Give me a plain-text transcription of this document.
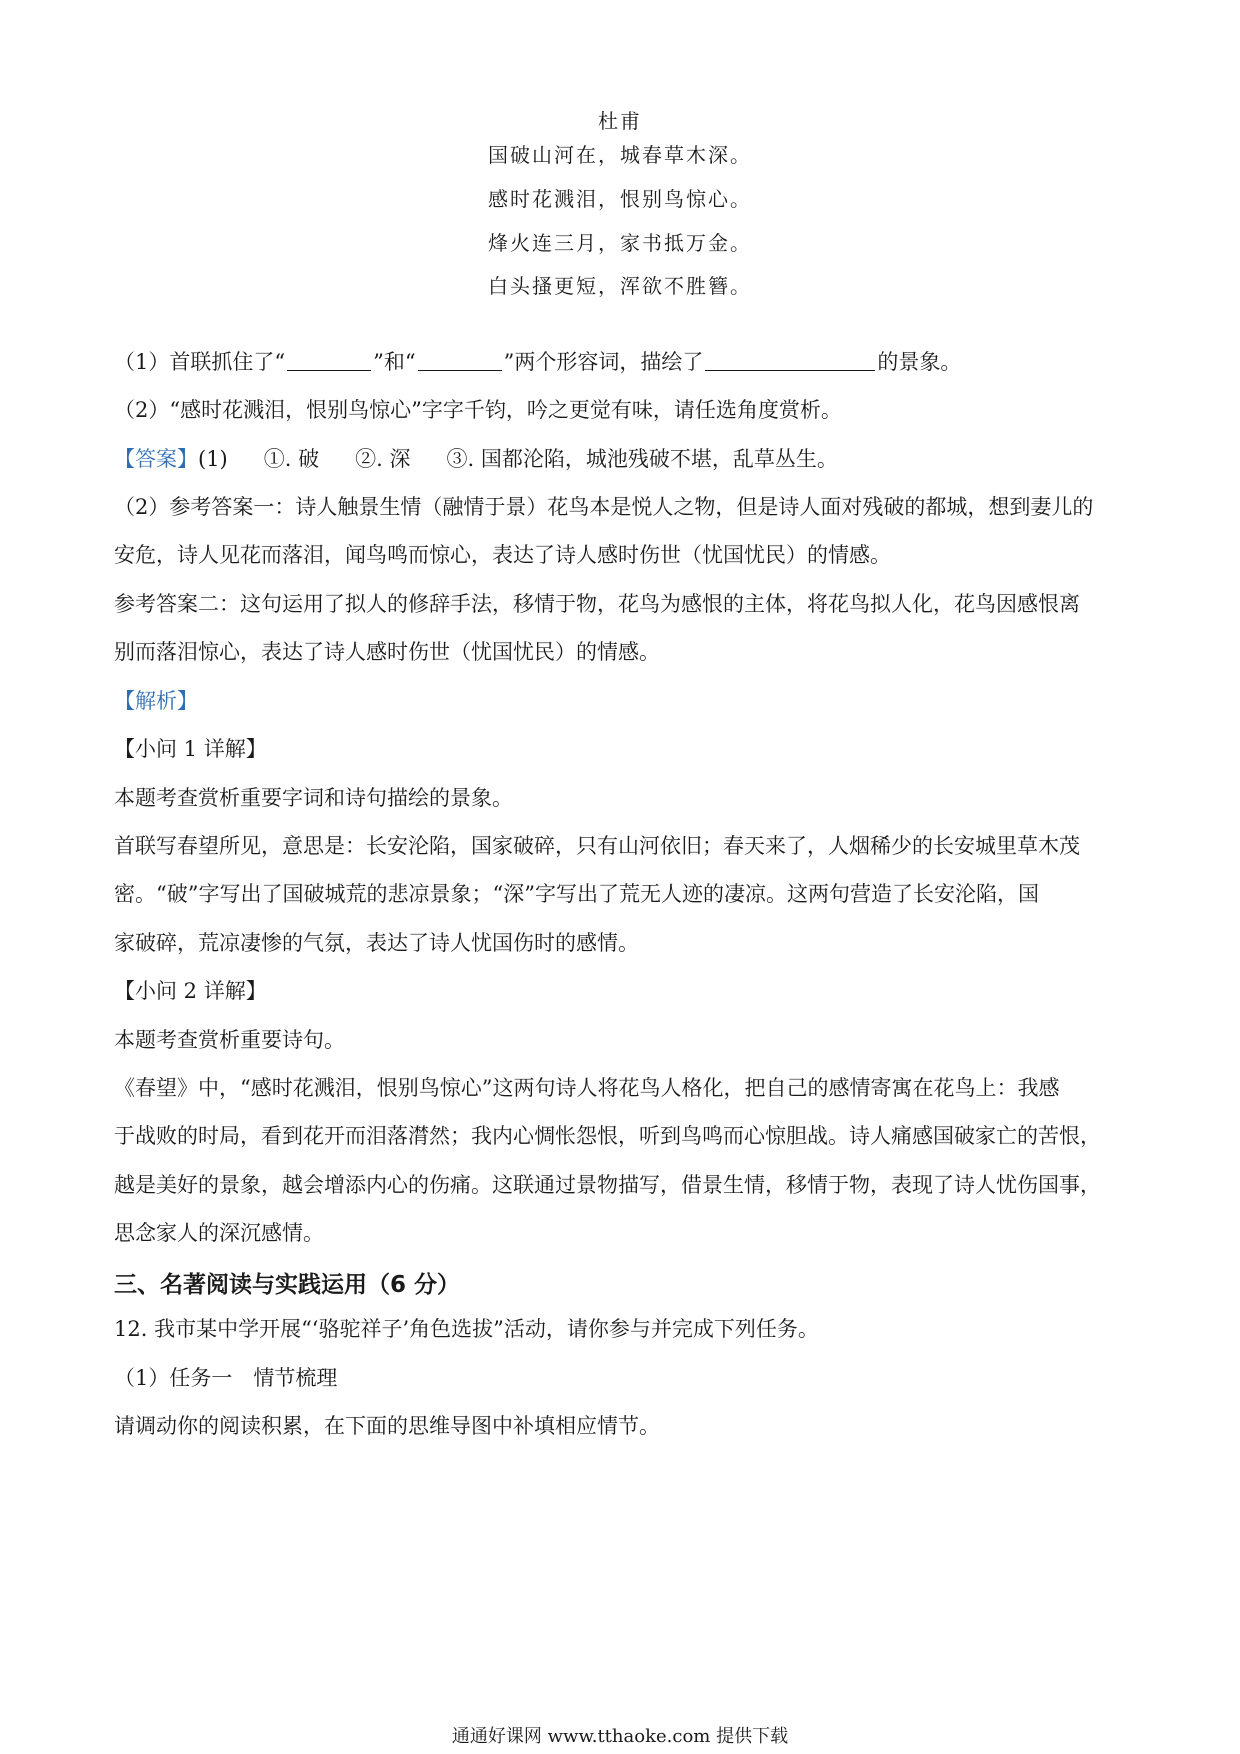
杜甫
国破山河在，城春草木深。
感时花溅泪，恨别鸟惊心。
烽火连三月，家书抵万金。
白头搔更短，浑欲不胜簪。
（1）首联抓住了“	”和“	”两个形容词，描绘了	的景象。
（2）“感时花溅泪，恨别鸟惊心”字字千钧，吟之更觉有味，请任选角度赏析。
【答案】(1) ①. 破 ②. 深 ③. 国都沦陷，城池残破不堪，乱草丛生。
（2）参考答案一：诗人触景生情（融情于景）花鸟本是悦人之物，但是诗人面对残破的都城，想到妻儿的
安危，诗人见花而落泪，闻鸟鸣而惊心，表达了诗人感时伤世（忧国忧民）的情感。
参考答案二：这句运用了拟人的修辞手法，移情于物，花鸟为感恨的主体，将花鸟拟人化，花鸟因感恨离
别而落泪惊心，表达了诗人感时伤世（忧国忧民）的情感。
【解析】
【小问 1 详解】
本题考查赏析重要字词和诗句描绘的景象。
首联写春望所见，意思是：长安沦陷，国家破碎，只有山河依旧；春天来了，人烟稀少的长安城里草木茂
密。“破”字写出了国破城荒的悲凉景象；“深”字写出了荒无人迹的凄凉。这两句营造了长安沦陷，国
家破碎，荒凉凄惨的气氛，表达了诗人忧国伤时的感情。
【小问 2 详解】
本题考查赏析重要诗句。
《春望》中，“感时花溅泪，恨别鸟惊心”这两句诗人将花鸟人格化，把自己的感情寄寓在花鸟上：我感
于战败的时局，看到花开而泪落潸然；我内心惆怅怨恨，听到鸟鸣而心惊胆战。诗人痛感国破家亡的苦恨，
越是美好的景象，越会增添内心的伤痛。这联通过景物描写，借景生情，移情于物，表现了诗人忧伤国事，
思念家人的深沉感情。
三、名著阅读与实践运用（6 分）
12. 我市某中学开展“‘骆驼祥子’角色选拔”活动，请你参与并完成下列任务。
（1）任务一　情节梳理
请调动你的阅读积累，在下面的思维导图中补填相应情节。
通通好课网 www.tthaoke.com 提供下载
